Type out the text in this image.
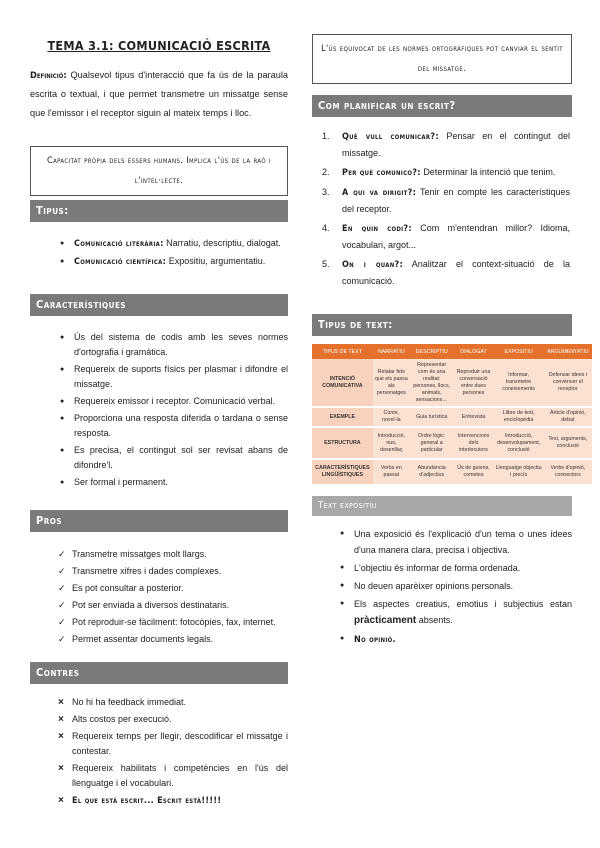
TEMA 3.1: COMUNICACIÓ ESCRITA
Definició: Qualsevol tipus d'interacció que fa ús de la paraula escrita o textual, i que permet transmetre un missatge sense que l'emissor i el receptor siguin al mateix temps i lloc.
Capacitat pròpia dels éssers humans. Implica l'ús de la raó i l'intel·lecte.
Tipus:
● Comunicació literària: Narratiu, descriptiu, dialogat.
● Comunicació científica: Expositiu, argumentatiu.
Característiques
● Ús del sistema de codis amb les seves normes d'ortografia i gramàtica.
● Requereix de suports físics per plasmar i difondre el missatge.
● Requereix emissor i receptor. Comunicació verbal.
● Proporciona una resposta diferida o tardana o sense resposta.
● Es precisa, el contingut sol ser revisat abans de difondre'l.
● Ser formal i permanent.
Pros
✓ Transmetre missatges molt llargs.
✓ Transmetre xifres i dades complexes.
✓ Es pot consultar a posterior.
✓ Pot ser enviada a diversos destinataris.
✓ Pot reproduir-se fàcilment: fotocòpies, fax, internet.
✓ Permet assentar documents legals.
Contres
× No hi ha feedback immediat.
× Alts costos per execució.
× Requereix temps per llegir, descodificar el missatge i contestar.
× Requereix habilitats i competències en l'ús del llenguatge i el vocabulari.
× El que està escrit... Escrit està!!!!!
L'ús equivocat de les normes ortogràfiques pot canviar el sentit del missatge.
Com planificar un escrit?
1. Què vull comunicar?: Pensar en el contingut del missatge.
2. Per què comunico?: Determinar la intenció que tenim.
3. A qui va dirigit?: Tenir en compte les característiques del receptor.
4. En quin codi?: Com m'entendran millor? Idioma, vocabulari, argot...
5. On i quan?: Analitzar el context-situació de la comunicació.
Tipus de text:
TIPUS DE TEXT	NARRATIU	DESCRIPTIU	DIALOGAT	EXPOSITIU	ARGUMENTATIU
INTENCIÓ COMUNICATIVA	Relatar fets que els passa als personatges	Representar com és una realitat: persones, llocs, animals, sensacions…	Reproduir una conversació entre dues persones	Informar, transmetre coneixements	Defensar idees i convèncer el receptor
EXEMPLE	Conte, novel·la	Guia turística	Entrevista	Llibre de text, enciclopèdia	Article d'opinió, debat
ESTRUCTURA	Introducció, nus, desenllaç	Ordre lògic: general a particular	Intervencions dels interlocutors	Introducció, desenvolupament, conclusió	Tesi, arguments, conclusió
CARACTERÍSTIQUES LINGÜÍSTIQUES	Verbs en passat	Abundància d'adjectius	Ús de guions, cometes	Llenguatge objectiu i precís	Verbs d'opinió, connectors
Text expositiu
● Una exposició és l'explicació d'un tema o unes idees d'una manera clara, precisa i objectiva.
● L'objectiu és informar de forma ordenada.
● No deuen aparèixer opinions personals.
● Els aspectes creatius, emotius i subjectius estan pràcticament absents.
● No opinió.
